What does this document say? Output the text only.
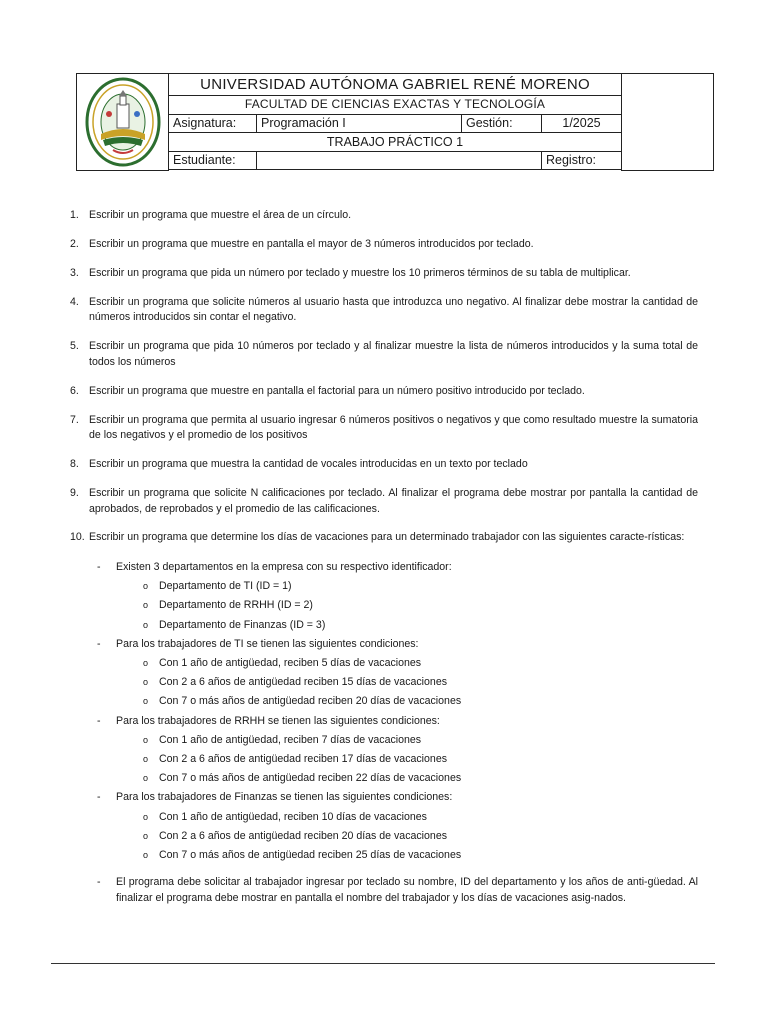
	UNIVERSIDAD AUTÓNOMA GABRIEL RENÉ MORENO				
	FACULTAD DE CIENCIAS EXACTAS Y TECNOLOGÍA				
	Asignatura:	Programación I	Gestión:	1/2025	
	TRABAJO PRÁCTICO 1				
	Estudiante:			Registro:	

1. Escribir un programa que muestre el área de un círculo.
2. Escribir un programa que muestre en pantalla el mayor de 3 números introducidos por teclado.
3. Escribir un programa que pida un número por teclado y muestre los 10 primeros términos de su tabla de multiplicar.
4. Escribir un programa que solicite números al usuario hasta que introduzca uno negativo. Al finalizar debe mostrar la cantidad de números introducidos sin contar el negativo.
5. Escribir un programa que pida 10 números por teclado y al finalizar muestre la lista de números introducidos y la suma total de todos los números
6. Escribir un programa que muestre en pantalla el factorial para un número positivo introducido por teclado.
7. Escribir un programa que permita al usuario ingresar 6 números positivos o negativos y que como resultado muestre la sumatoria de los negativos y el promedio de los positivos
8. Escribir un programa que muestra la cantidad de vocales introducidas en un texto por teclado
9. Escribir un programa que solicite N calificaciones por teclado. Al finalizar el programa debe mostrar por pantalla la cantidad de aprobados, de reprobados y el promedio de las calificaciones.
10. Escribir un programa que determine los días de vacaciones para un determinado trabajador con las siguientes caracte-rísticas:
-	Existen 3 departamentos en la empresa con su respectivo identificador:
o	Departamento de TI (ID = 1)
o	Departamento de RRHH (ID = 2)
o	Departamento de Finanzas (ID = 3)
-	Para los trabajadores de TI se tienen las siguientes condiciones:
o	Con 1 año de antigüedad, reciben 5 días de vacaciones
o	Con 2 a 6 años de antigüedad reciben 15 días de vacaciones
o	Con 7 o más años de antigüedad reciben 20 días de vacaciones
-	Para los trabajadores de RRHH se tienen las siguientes condiciones:
o	Con 1 año de antigüedad, reciben 7 días de vacaciones
o	Con 2 a 6 años de antigüedad reciben 17 días de vacaciones
o	Con 7 o más años de antigüedad reciben 22 días de vacaciones
-	Para los trabajadores de Finanzas se tienen las siguientes condiciones:
o	Con 1 año de antigüedad, reciben 10 días de vacaciones
o	Con 2 a 6 años de antigüedad reciben 20 días de vacaciones
o	Con 7 o más años de antigüedad reciben 25 días de vacaciones
-	El programa debe solicitar al trabajador ingresar por teclado su nombre, ID del departamento y los años de anti-güedad. Al finalizar el programa debe mostrar en pantalla el nombre del trabajador y los días de vacaciones asig-nados.
